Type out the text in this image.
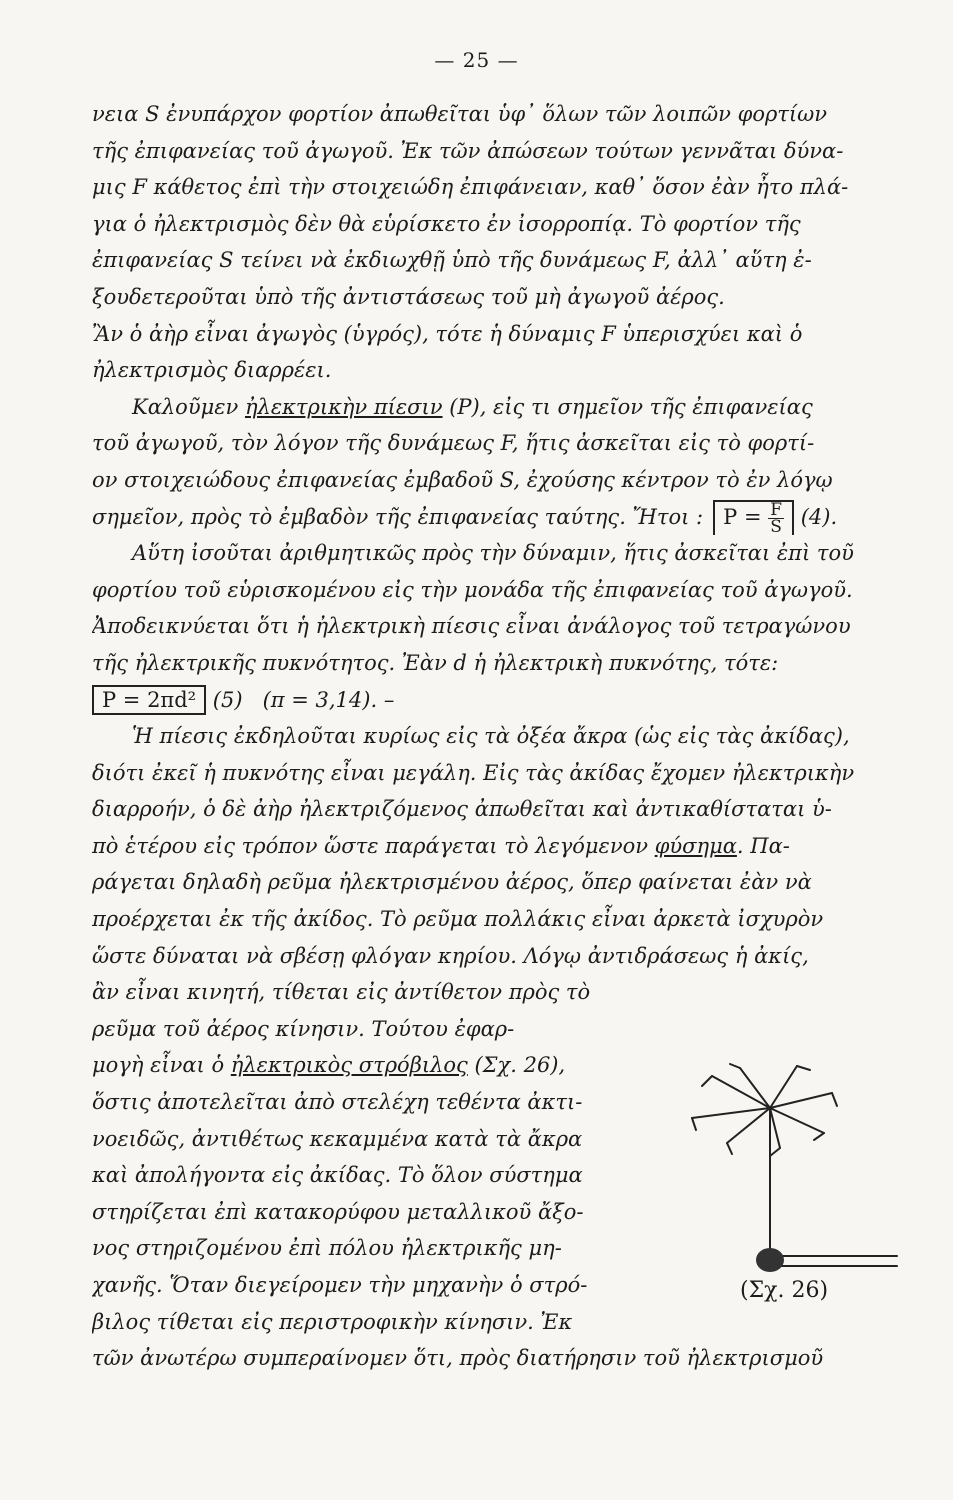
— 25 —
νεια S ἐνυπάρχον φορτίον ἀπωθεῖται ὑφ᾽ ὅλων τῶν λοιπῶν φορτίων
τῆς ἐπιφανείας τοῦ ἀγωγοῦ. Ἐκ τῶν ἀπώσεων τούτων γεννᾶται δύνα-
μις F κάθετος ἐπὶ τὴν στοιχειώδη ἐπιφάνειαν, καθ᾽ ὅσον ἐὰν ἦτο πλά-
για ὁ ἠλεκτρισμὸς δὲν θὰ εὑρίσκετο ἐν ἰσορροπίᾳ. Τὸ φορτίον τῆς
ἐπιφανείας S τείνει νὰ ἐκδιωχθῇ ὑπὸ τῆς δυνάμεως F, ἀλλ᾽ αὕτη ἐ-
ξουδετεροῦται ὑπὸ τῆς ἀντιστάσεως τοῦ μὴ ἀγωγοῦ ἀέρος.
Ἂν ὁ ἀὴρ εἶναι ἀγωγὸς (ὑγρός), τότε ἡ δύναμις F ὑπερισχύει καὶ ὁ
ἠλεκτρισμὸς διαρρέει.
Καλοῦμεν ἠλεκτρικὴν πίεσιν (P), εἰς τι σημεῖον τῆς ἐπιφανείας
τοῦ ἀγωγοῦ, τὸν λόγον τῆς δυνάμεως F, ἥτις ἀσκεῖται εἰς τὸ φορτί-
ον στοιχειώδους ἐπιφανείας ἐμβαδοῦ S, ἐχούσης κέντρον τὸ ἐν λόγῳ
σημεῖον, πρὸς τὸ ἐμβαδὸν τῆς ἐπιφανείας ταύτης. Ἤτοι : $P = \frac{F}{S} (4)$.
Αὕτη ἰσοῦται ἀριθμητικῶς πρὸς τὴν δύναμιν, ἥτις ἀσκεῖται ἐπὶ τοῦ
φορτίου τοῦ εὑρισκομένου εἰς τὴν μονάδα τῆς ἐπιφανείας τοῦ ἀγωγοῦ.
Ἀποδεικνύεται ὅτι ἡ ἠλεκτρικὴ πίεσις εἶναι ἀνάλογος τοῦ τετραγώνου
τῆς ἠλεκτρικῆς πυκνότητος. Ἐὰν d ἡ ἠλεκτρικὴ πυκνότης, τότε:
P = 2πd² (5) (π = 3,14). –
Ἡ πίεσις ἐκδηλοῦται κυρίως εἰς τὰ ὀξέα ἄκρα (ὡς εἰς τὰς ἀκίδας),
διότι ἐκεῖ ἡ πυκνότης εἶναι μεγάλη. Εἰς τὰς ἀκίδας ἔχομεν ἠλεκτρικὴν
διαρροήν, ὁ δὲ ἀὴρ ἠλεκτριζόμενος ἀπωθεῖται καὶ ἀντικαθίσταται ὑ-
πὸ ἑτέρου εἰς τρόπον ὥστε παράγεται τὸ λεγόμενον φύσημα. Πα-
ράγεται δηλαδὴ ρεῦμα ἠλεκτρισμένου ἀέρος, ὅπερ φαίνεται ἐὰν νὰ
προέρχεται ἐκ τῆς ἀκίδος. Τὸ ρεῦμα πολλάκις εἶναι ἀρκετὰ ἰσχυρὸν
ὥστε δύναται νὰ σβέσῃ φλόγαν κηρίου. Λόγῳ ἀντιδράσεως ἡ ἀκίς,
ἂν εἶναι κινητή, τίθεται εἰς ἀντίθετον πρὸς τὸ
ρεῦμα τοῦ ἀέρος κίνησιν. Τούτου ἐφαρ-
μογὴ εἶναι ὁ ἠλεκτρικὸς στρόβιλος (Σχ. 26),
ὅστις ἀποτελεῖται ἀπὸ στελέχη τεθέντα ἀκτι-
νοειδῶς, ἀντιθέτως κεκαμμένα κατὰ τὰ ἄκρα
καὶ ἀπολήγοντα εἰς ἀκίδας. Τὸ ὅλον σύστημα
στηρίζεται ἐπὶ κατακορύφου μεταλλικοῦ ἄξο-
νος στηριζομένου ἐπὶ πόλου ἠλεκτρικῆς μη-
χανῆς. Ὅταν διεγείρομεν τὴν μηχανὴν ὁ στρό-
βιλος τίθεται εἰς περιστροφικὴν κίνησιν. Ἐκ
τῶν ἀνωτέρω συμπεραίνομεν ὅτι, πρὸς διατήρησιν τοῦ ἠλεκτρισμοῦ
(Σχ. 26)
